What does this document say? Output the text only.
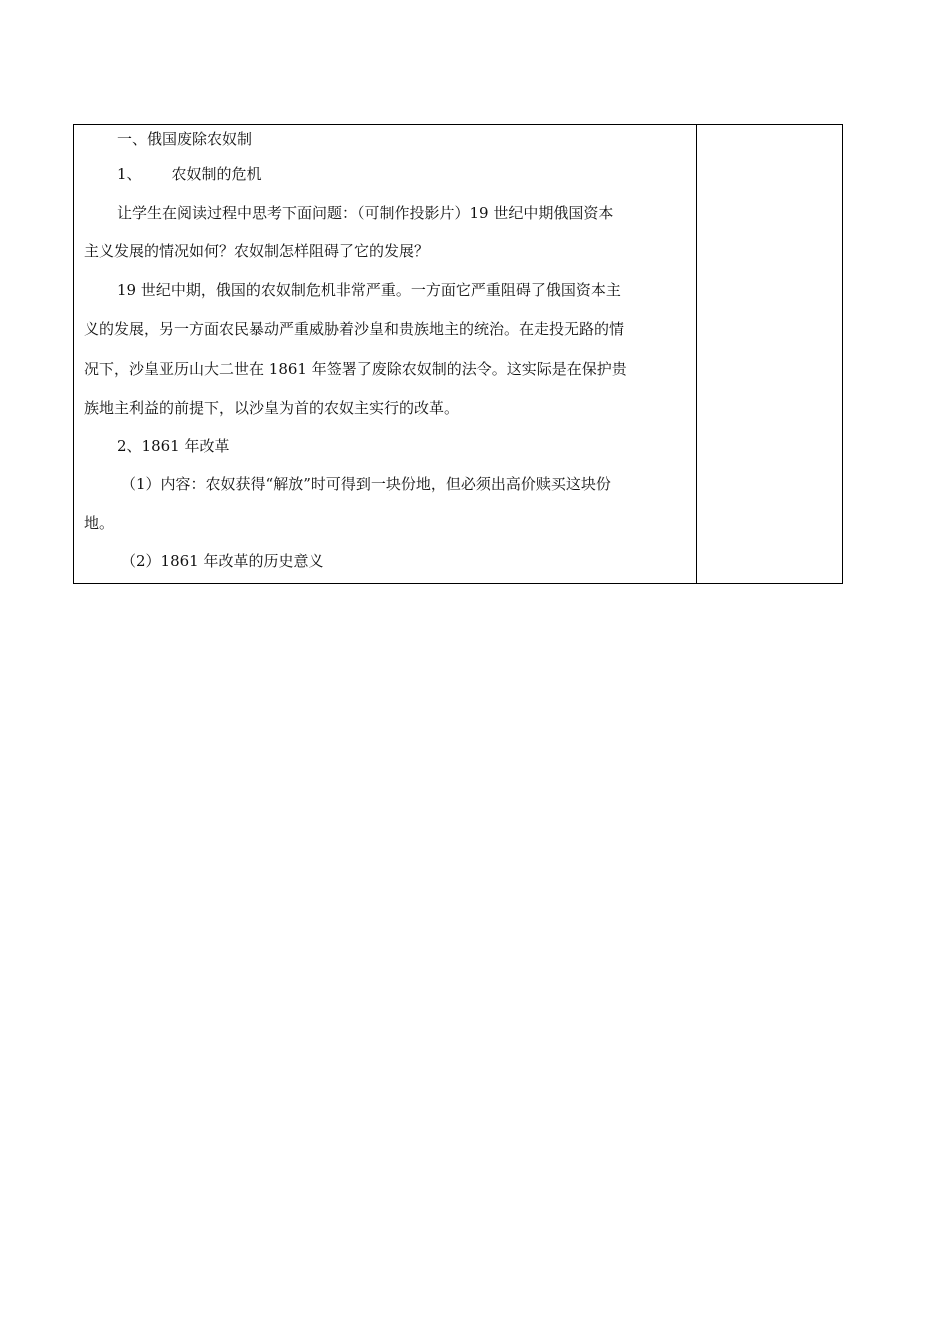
一、俄国废除农奴制
1、 农奴制的危机
让学生在阅读过程中思考下面问题：（可制作投影片）19 世纪中期俄国资本
主义发展的情况如何？农奴制怎样阻碍了它的发展？
19 世纪中期，俄国的农奴制危机非常严重。一方面它严重阻碍了俄国资本主
义的发展，另一方面农民暴动严重威胁着沙皇和贵族地主的统治。在走投无路的情
况下，沙皇亚历山大二世在 1861 年签署了废除农奴制的法令。这实际是在保护贵
族地主利益的前提下，以沙皇为首的农奴主实行的改革。
2、1861 年改革
（1）内容：农奴获得“解放”时可得到一块份地，但必须出高价赎买这块份
地。
（2）1861 年改革的历史意义
